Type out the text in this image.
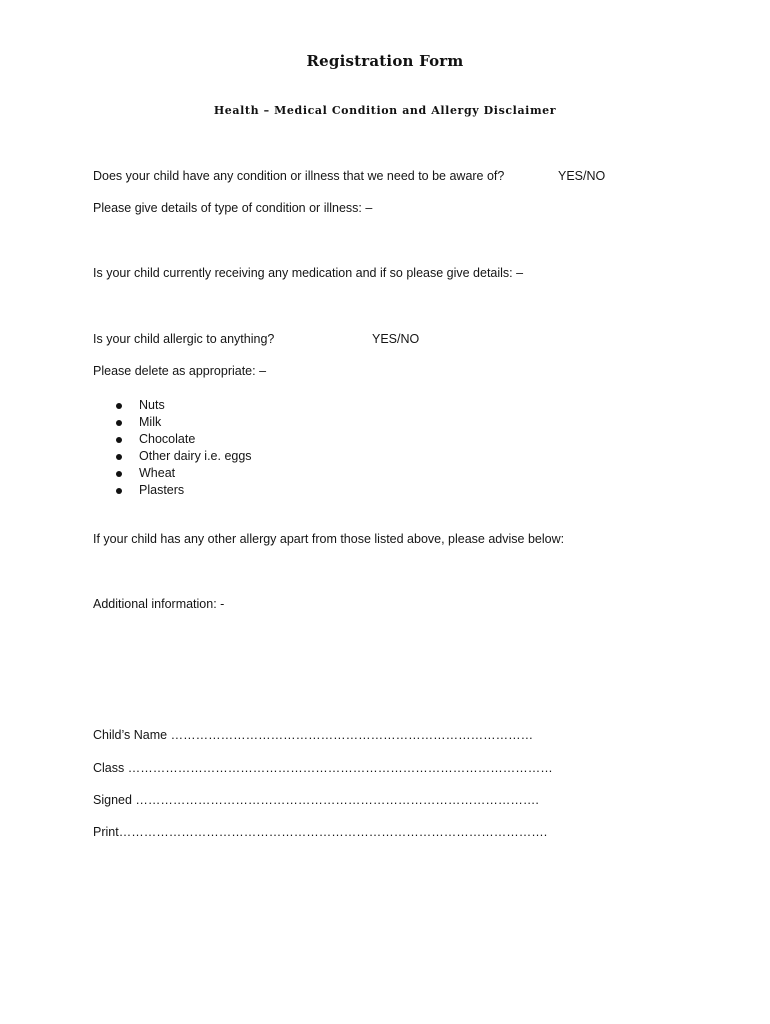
Registration Form
Health – Medical Condition and Allergy Disclaimer
Does your child have any condition or illness that we need to be aware of?	YES/NO
Please give details of type of condition or illness: –
Is your child currently receiving any medication and if so please give details: –
Is your child allergic to anything?	YES/NO
Please delete as appropriate: –
Nuts
Milk
Chocolate
Other dairy i.e. eggs
Wheat
Plasters
If your child has any other allergy apart from those listed above, please advise below:
Additional information: -
Child’s Name ……………………………………………………………………………
Class …………………………………………………………………………………………
Signed …………………………………………………………………………………….
Print………………………………………………………………………………………….
